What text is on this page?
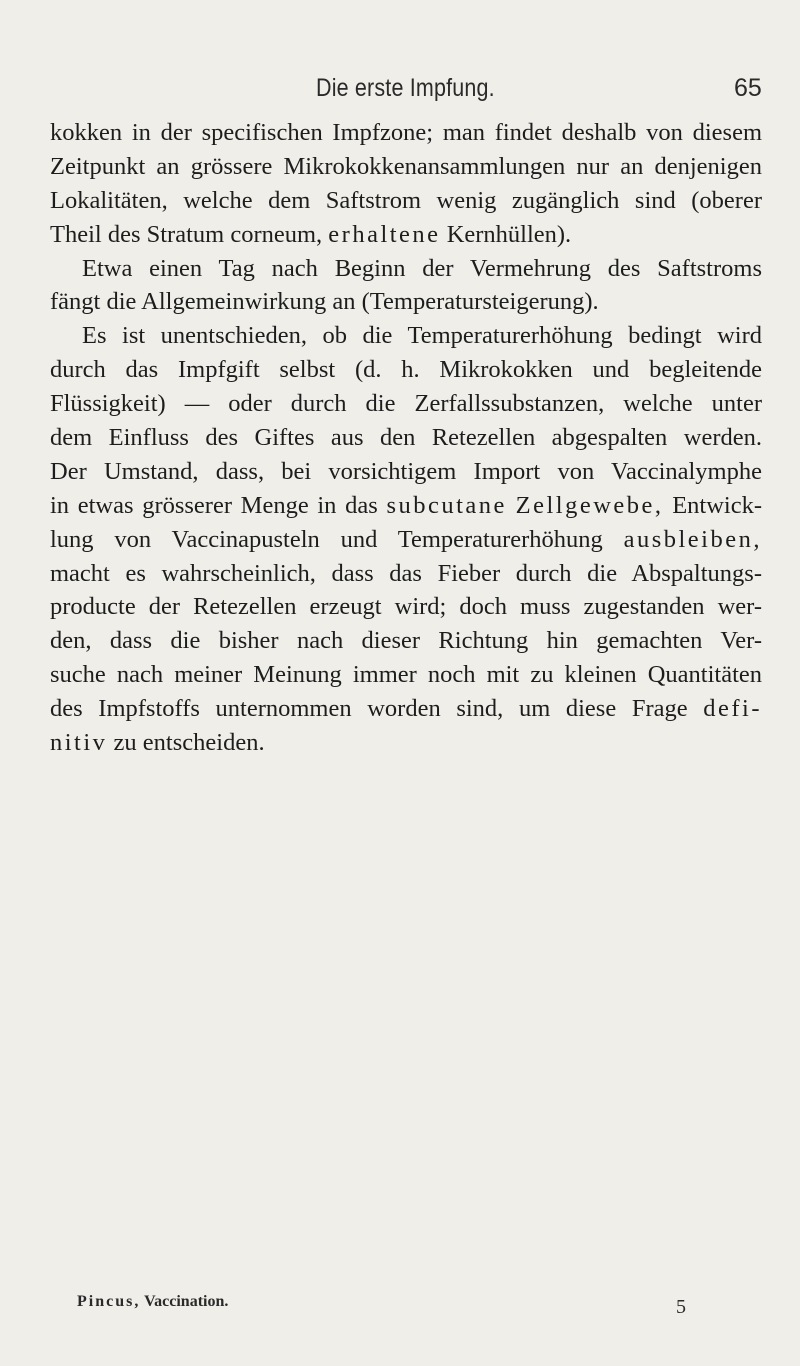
Die erste Impfung.	65
kokken in der specifischen Impfzone; man findet deshalb von diesem
Zeitpunkt an grössere Mikrokokkenansammlungen nur an denjenigen
Lokalitäten, welche dem Saftstrom wenig zugänglich sind (oberer
Theil des Stratum corneum, erhaltene Kernhüllen).
Etwa einen Tag nach Beginn der Vermehrung des Saftstroms
fängt die Allgemeinwirkung an (Temperatursteigerung).
Es ist unentschieden, ob die Temperaturerhöhung bedingt wird
durch das Impfgift selbst (d. h. Mikrokokken und begleitende
Flüssigkeit) — oder durch die Zerfallssubstanzen, welche unter
dem Einfluss des Giftes aus den Retezellen abgespalten werden.
Der Umstand, dass, bei vorsichtigem Import von Vaccinalymphe
in etwas grösserer Menge in das subcutane Zellgewebe, Entwick-
lung von Vaccinapusteln und Temperaturerhöhung ausbleiben,
macht es wahrscheinlich, dass das Fieber durch die Abspaltungs-
producte der Retezellen erzeugt wird; doch muss zugestanden wer-
den, dass die bisher nach dieser Richtung hin gemachten Ver-
suche nach meiner Meinung immer noch mit zu kleinen Quantitäten
des Impfstoffs unternommen worden sind, um diese Frage defi-
nitiv zu entscheiden.
Pincus, Vaccination.	5
